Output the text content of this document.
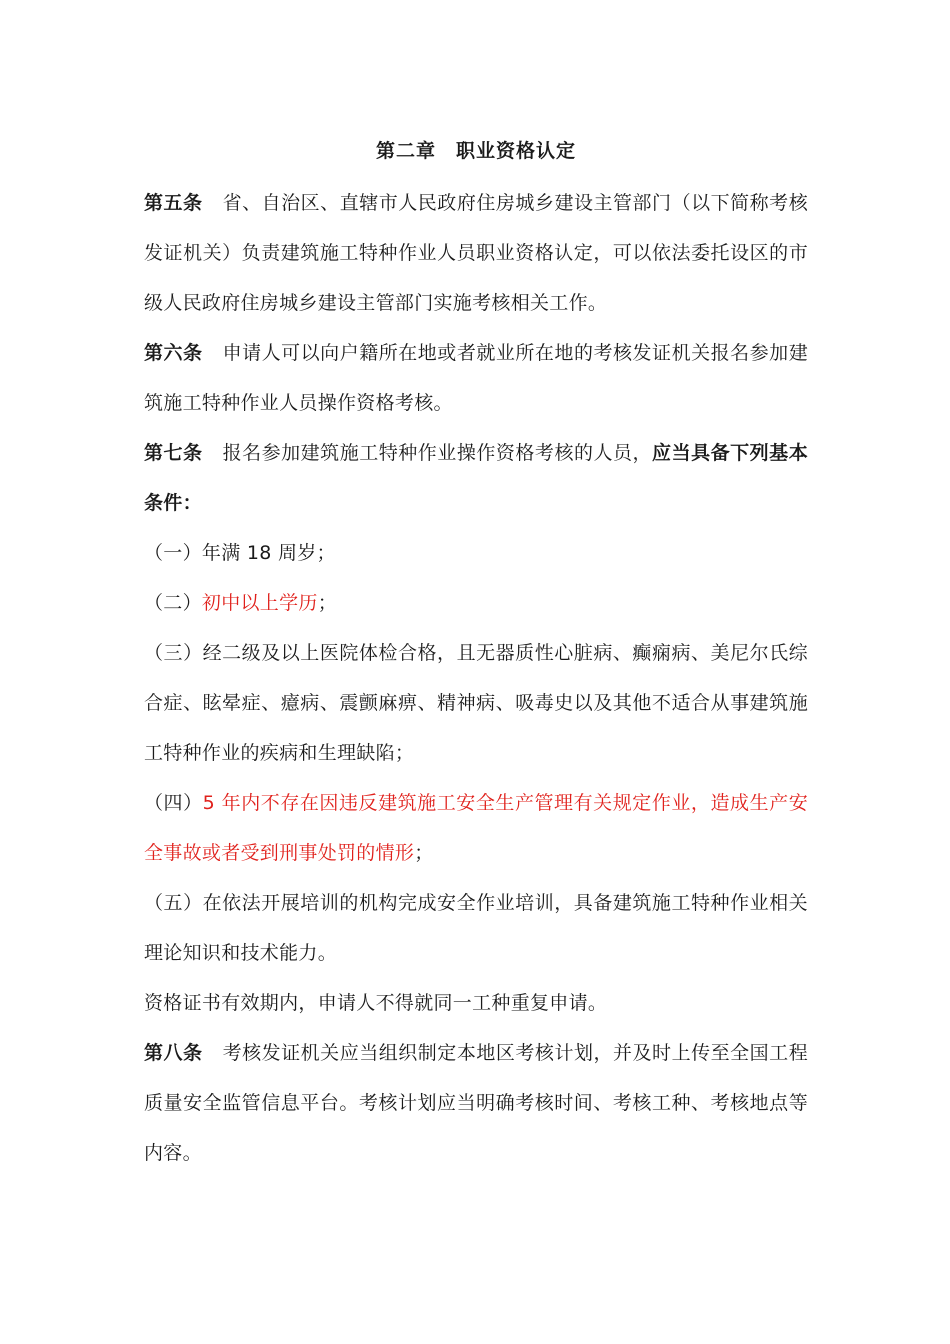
第二章　职业资格认定

第五条 省、自治区、直辖市人民政府住房城乡建设主管部门（以下简称考核发证机关）负责建筑施工特种作业人员职业资格认定，可以依法委托设区的市级人民政府住房城乡建设主管部门实施考核相关工作。

第六条 申请人可以向户籍所在地或者就业所在地的考核发证机关报名参加建筑施工特种作业人员操作资格考核。

第七条 报名参加建筑施工特种作业操作资格考核的人员，应当具备下列基本条件：

（一）年满 18 周岁；

（二）初中以上学历；

（三）经二级及以上医院体检合格，且无器质性心脏病、癫痫病、美尼尔氏综合症、眩晕症、癔病、震颤麻痹、精神病、吸毒史以及其他不适合从事建筑施工特种作业的疾病和生理缺陷；

（四）5 年内不存在因违反建筑施工安全生产管理有关规定作业，造成生产安全事故或者受到刑事处罚的情形；

（五）在依法开展培训的机构完成安全作业培训，具备建筑施工特种作业相关理论知识和技术能力。

资格证书有效期内，申请人不得就同一工种重复申请。

第八条 考核发证机关应当组织制定本地区考核计划，并及时上传至全国工程质量安全监管信息平台。考核计划应当明确考核时间、考核工种、考核地点等内容。
